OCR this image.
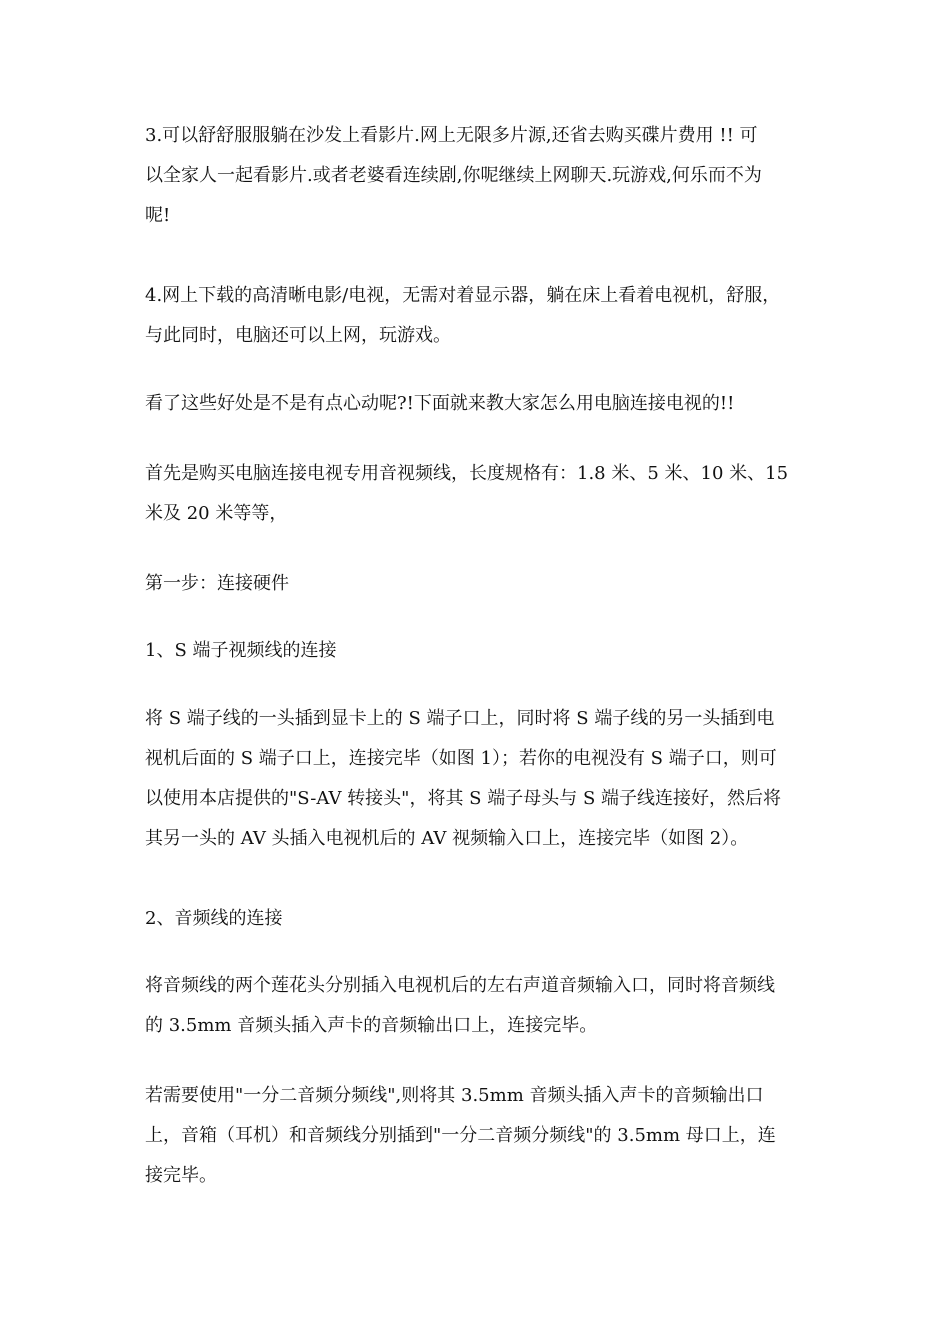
3.可以舒舒服服躺在沙发上看影片.网上无限多片源,还省去购买碟片费用 !! 可
以全家人一起看影片.或者老婆看连续剧,你呢继续上网聊天.玩游戏,何乐而不为
呢!

4.网上下载的高清晰电影/电视，无需对着显示器，躺在床上看着电视机，舒服，
与此同时，电脑还可以上网，玩游戏。

看了这些好处是不是有点心动呢?!下面就来教大家怎么用电脑连接电视的!!

首先是购买电脑连接电视专用音视频线，长度规格有：1.8 米、5 米、10 米、15
米及 20 米等等，

第一步：连接硬件

1、S 端子视频线的连接

将 S 端子线的一头插到显卡上的 S 端子口上，同时将 S 端子线的另一头插到电
视机后面的 S 端子口上，连接完毕（如图 1）；若你的电视没有 S 端子口，则可
以使用本店提供的"S-AV 转接头"，将其 S 端子母头与 S 端子线连接好，然后将
其另一头的 AV 头插入电视机后的 AV 视频输入口上，连接完毕（如图 2）。

2、音频线的连接

将音频线的两个莲花头分别插入电视机后的左右声道音频输入口，同时将音频线
的 3.5mm 音频头插入声卡的音频输出口上，连接完毕。

若需要使用"一分二音频分频线",则将其 3.5mm 音频头插入声卡的音频输出口
上，音箱（耳机）和音频线分别插到"一分二音频分频线"的 3.5mm 母口上，连
接完毕。
